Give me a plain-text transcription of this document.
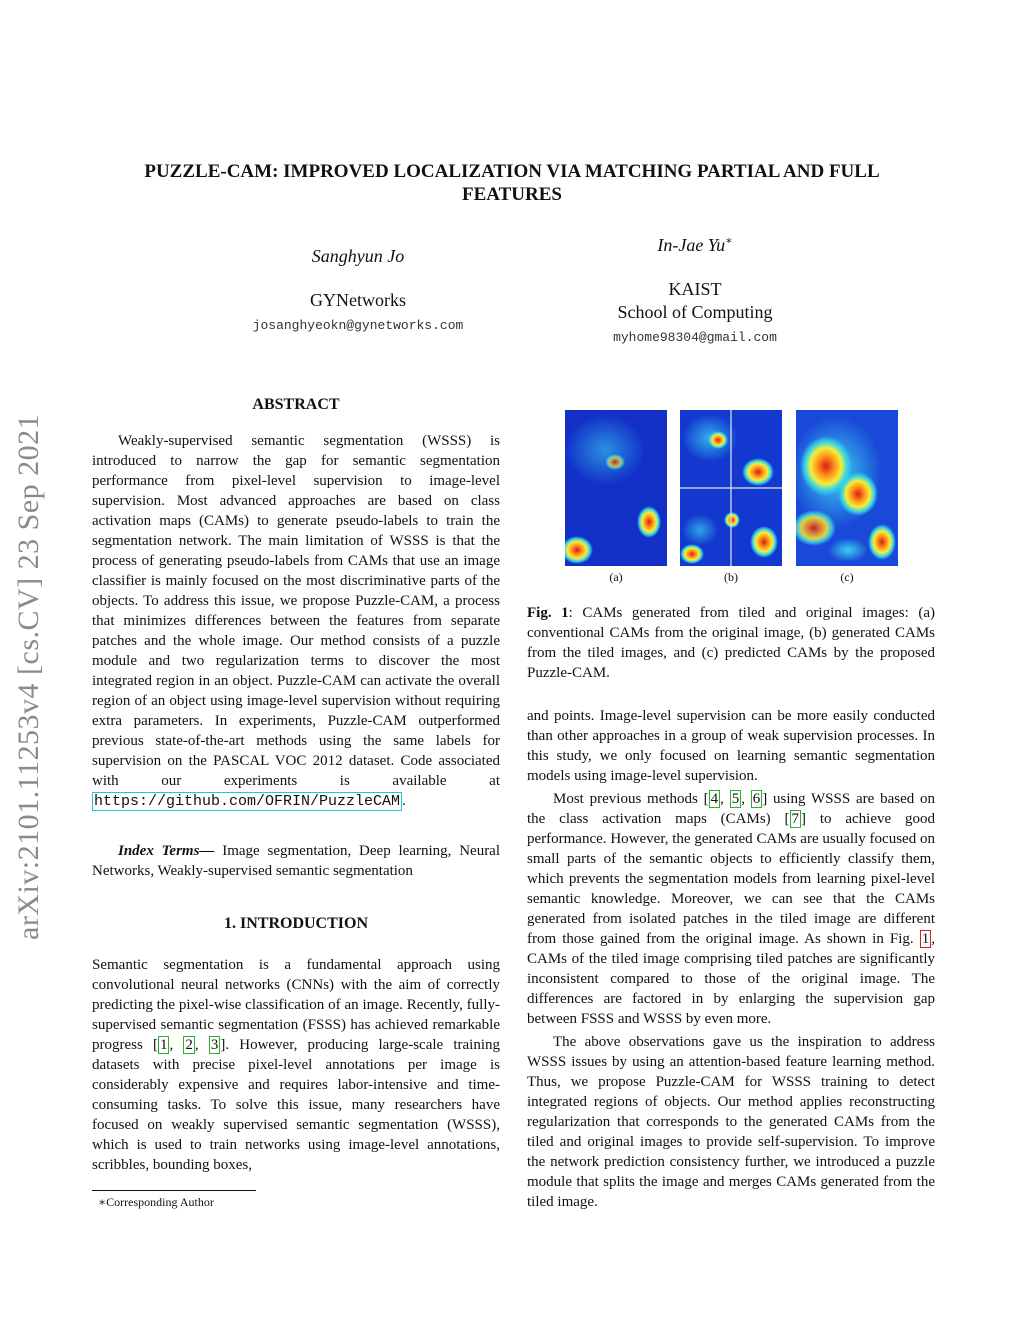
arXiv:2101.11253v4 [cs.CV] 23 Sep 2021
PUZZLE-CAM: IMPROVED LOCALIZATION VIA MATCHING PARTIAL AND FULL FEATURES
Sanghyun Jo
GYNetworks
josanghyeokn@gynetworks.com
In-Jae Yu∗
KAIST
School of Computing
myhome98304@gmail.com
ABSTRACT

Weakly-supervised semantic segmentation (WSSS) is introduced to narrow the gap for semantic segmentation performance from pixel-level supervision to image-level supervision. Most advanced approaches are based on class activation maps (CAMs) to generate pseudo-labels to train the segmentation network. The main limitation of WSSS is that the process of generating pseudo-labels from CAMs that use an image classifier is mainly focused on the most discriminative parts of the objects. To address this issue, we propose Puzzle-CAM, a process that minimizes differences between the features from separate patches and the whole image. Our method consists of a puzzle module and two regularization terms to discover the most integrated region in an object. Puzzle-CAM can activate the overall region of an object using image-level supervision without requiring extra parameters. In experiments, Puzzle-CAM outperformed previous state-of-the-art methods using the same labels for supervision on the PASCAL VOC 2012 dataset. Code associated with our experiments is available at https://github.com/OFRIN/PuzzleCAM .

Index Terms— Image segmentation, Deep learning, Neural Networks, Weakly-supervised semantic segmentation

1. INTRODUCTION

Semantic segmentation is a fundamental approach using convolutional neural networks (CNNs) with the aim of correctly predicting the pixel-wise classification of an image. Recently, fully-supervised semantic segmentation (FSSS) has achieved remarkable progress [ 1 , 2 , 3 ]. However, producing large-scale training datasets with precise pixel-level annotations per image is considerably expensive and requires labor-intensive and time-consuming tasks. To solve this issue, many researchers have focused on weakly supervised semantic segmentation (WSSS), which is used to train networks using image-level annotations, scribbles, bounding boxes,

(a)	(b)	(c)
Fig. 1: CAMs generated from tiled and original images: (a) conventional CAMs from the original image, (b) generated CAMs from the tiled images, and (c) predicted CAMs by the proposed Puzzle-CAM.

and points. Image-level supervision can be more easily conducted than other approaches in a group of weak supervision processes. In this study, we only focused on learning semantic segmentation models using image-level supervision.

Most previous methods [ 4 , 5 , 6 ] using WSSS are based on the class activation maps (CAMs) [ 7 ] to achieve good performance. However, the generated CAMs are usually focused on small parts of the semantic objects to efficiently classify them, which prevents the segmentation models from learning pixel-level semantic knowledge. Moreover, we can see that the CAMs generated from isolated patches in the tiled image are different from those gained from the original image. As shown in Fig. 1 , CAMs of the tiled image comprising tiled patches are significantly inconsistent compared to those of the original image. The differences are factored in by enlarging the supervision gap between FSSS and WSSS by even more.

The above observations gave us the inspiration to address WSSS issues by using an attention-based feature learning method. Thus, we propose Puzzle-CAM for WSSS training to detect integrated regions of objects. Our method applies reconstructing regularization that corresponds to the generated CAMs from the tiled and original images to provide self-supervision. To improve the network prediction consistency further, we introduced a puzzle module that splits the image and merges CAMs generated from the tiled image.

∗Corresponding Author
